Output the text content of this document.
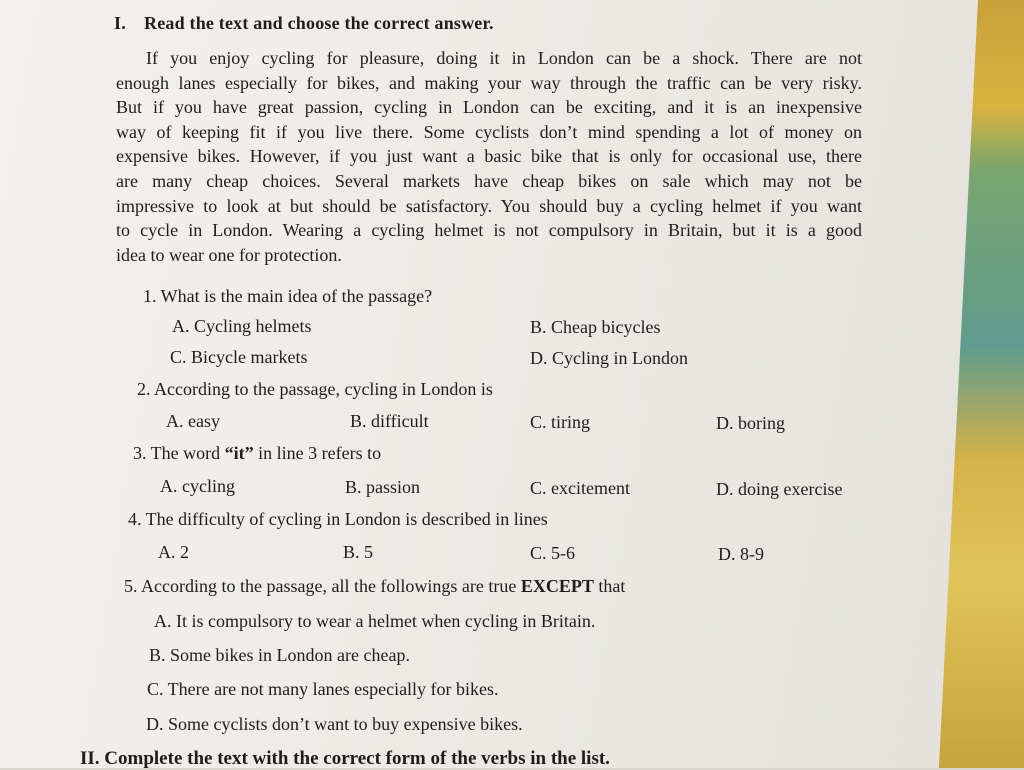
I. Read the text and choose the correct answer.
If you enjoy cycling for pleasure, doing it in London can be a shock. There are not
enough lanes especially for bikes, and making your way through the traffic can be very risky.
But if you have great passion, cycling in London can be exciting, and it is an inexpensive
way of keeping fit if you live there. Some cyclists don’t mind spending a lot of money on
expensive bikes. However, if you just want a basic bike that is only for occasional use, there
are many cheap choices. Several markets have cheap bikes on sale which may not be
impressive to look at but should be satisfactory. You should buy a cycling helmet if you want
to cycle in London. Wearing a cycling helmet is not compulsory in Britain, but it is a good
idea to wear one for protection.
1. What is the main idea of the passage?
A. Cycling helmets	B. Cheap bicycles
C. Bicycle markets	D. Cycling in London
2. According to the passage, cycling in London is
A. easy	B. difficult	C. tiring	D. boring
3. The word “it” in line 3 refers to
A. cycling	B. passion	C. excitement	D. doing exercise
4. The difficulty of cycling in London is described in lines
A. 2	B. 5	C. 5-6	D. 8-9
5. According to the passage, all the followings are true EXCEPT that
A. It is compulsory to wear a helmet when cycling in Britain.
B. Some bikes in London are cheap.
C. There are not many lanes especially for bikes.
D. Some cyclists don’t want to buy expensive bikes.
II. Complete the text with the correct form of the verbs in the list.
